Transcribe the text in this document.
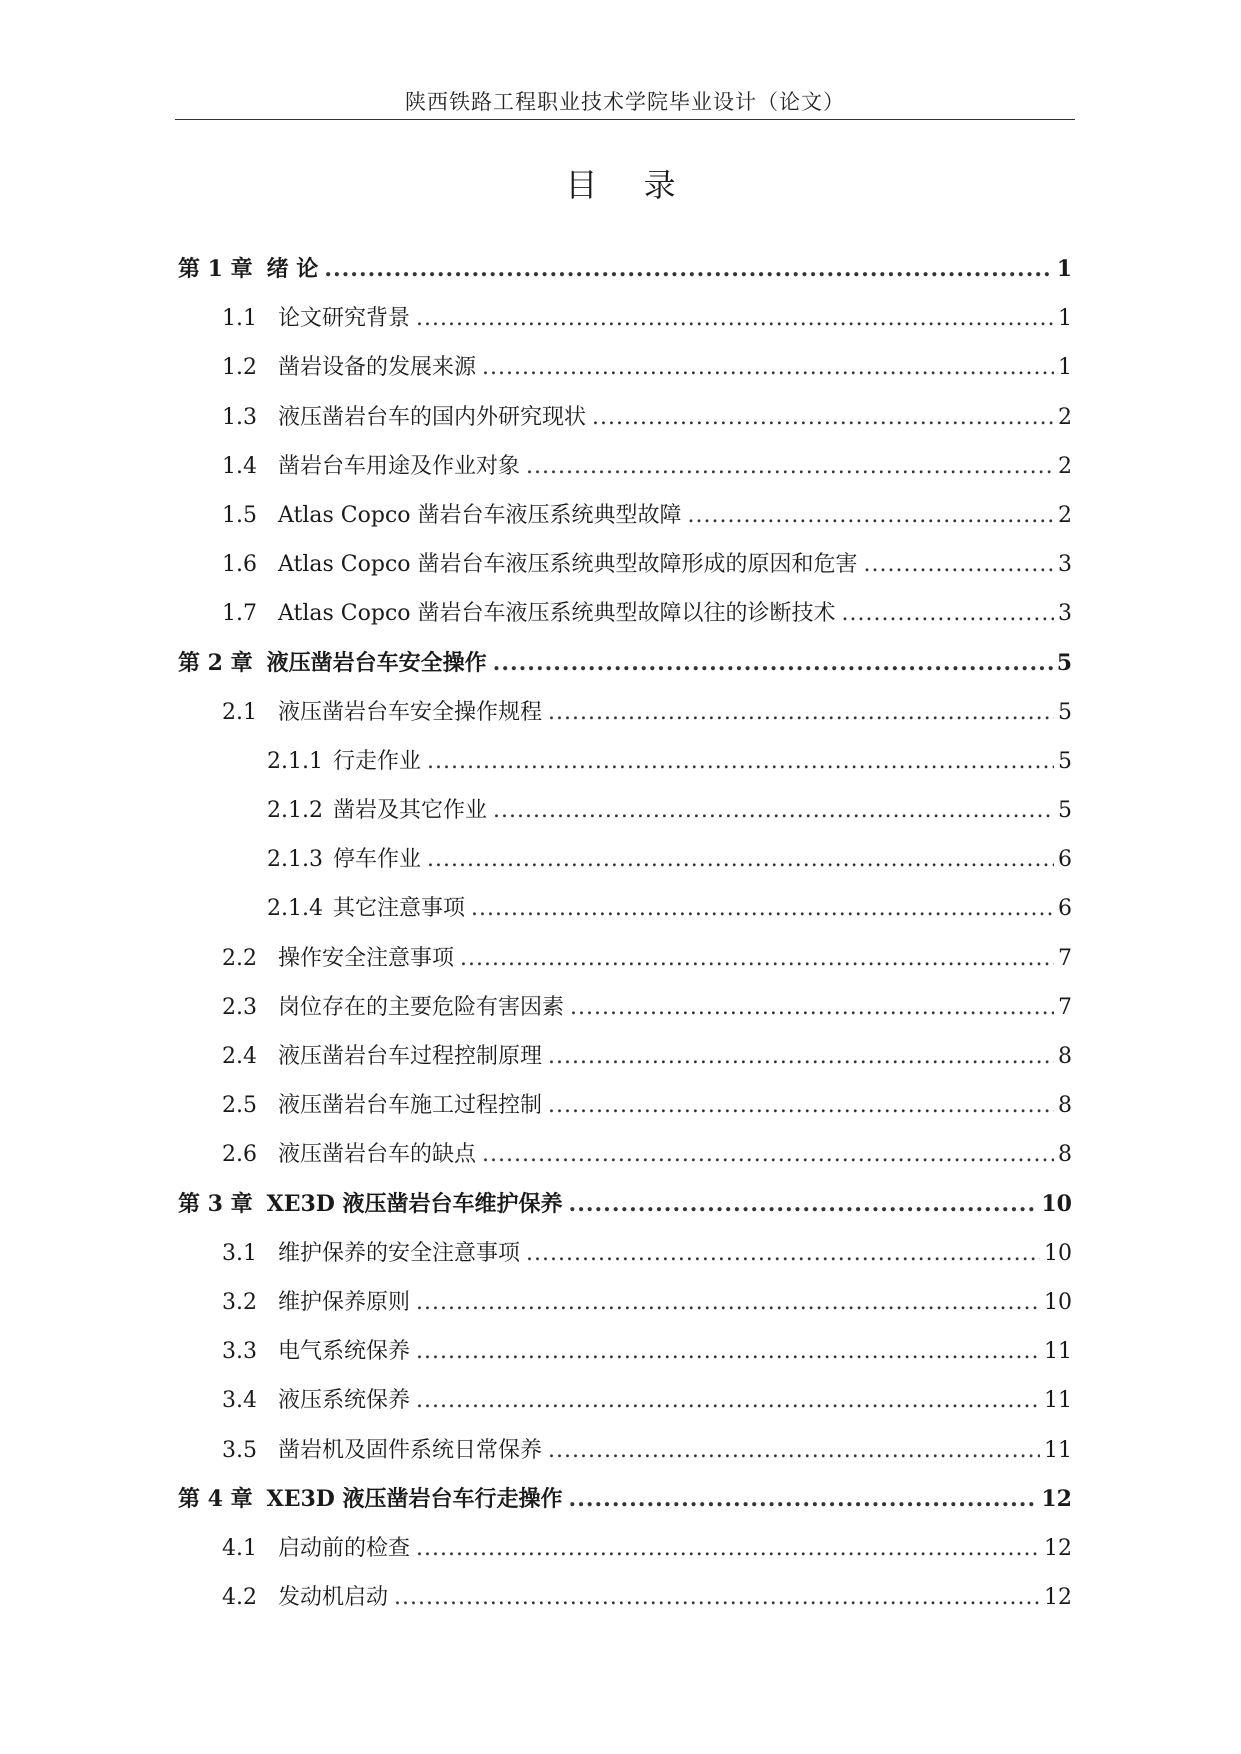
陕西铁路工程职业技术学院毕业设计（论文）
目 录
第 1 章 绪 论 .....	1
1.1 论文研究背景 .....	1
1.2 凿岩设备的发展来源 .....	1
1.3 液压凿岩台车的国内外研究现状 .....	2
1.4 凿岩台车用途及作业对象 .....	2
1.5 Atlas Copco 凿岩台车液压系统典型故障 .....	2
1.6 Atlas Copco 凿岩台车液压系统典型故障形成的原因和危害 .....	3
1.7 Atlas Copco 凿岩台车液压系统典型故障以往的诊断技术 .....	3
第 2 章 液压凿岩台车安全操作 .....	5
2.1 液压凿岩台车安全操作规程 .....	5
2.1.1 行走作业 .....	5
2.1.2 凿岩及其它作业 .....	5
2.1.3 停车作业 .....	6
2.1.4 其它注意事项 .....	6
2.2 操作安全注意事项 .....	7
2.3 岗位存在的主要危险有害因素 .....	7
2.4 液压凿岩台车过程控制原理 .....	8
2.5 液压凿岩台车施工过程控制 .....	8
2.6 液压凿岩台车的缺点 .....	8
第 3 章 XE3D 液压凿岩台车维护保养 .....	10
3.1 维护保养的安全注意事项 .....	10
3.2 维护保养原则 .....	10
3.3 电气系统保养 .....	11
3.4 液压系统保养 .....	11
3.5 凿岩机及固件系统日常保养 .....	11
第 4 章 XE3D 液压凿岩台车行走操作 .....	12
4.1 启动前的检查 .....	12
4.2 发动机启动 .....	12
